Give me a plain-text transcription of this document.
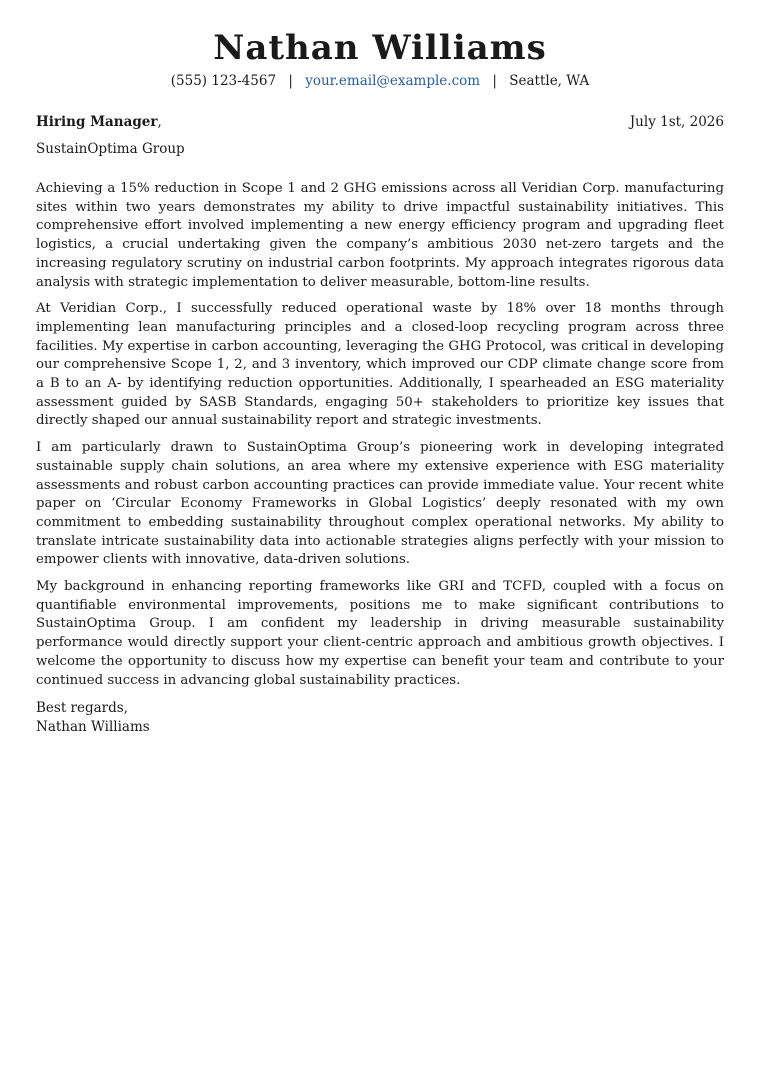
Nathan Williams
(555) 123-4567 | your.email@example.com | Seattle, WA
Hiring Manager,	July 1st, 2026
SustainOptima Group

Achieving a 15% reduction in Scope 1 and 2 GHG emissions across all Veridian Corp. manufacturing sites within two years demonstrates my ability to drive impactful sustainability initiatives. This comprehensive effort involved implementing a new energy efficiency program and upgrading fleet logistics, a crucial undertaking given the company’s ambitious 2030 net-zero targets and the increasing regulatory scrutiny on industrial carbon footprints. My approach integrates rigorous data analysis with strategic implementation to deliver measurable, bottom-line results.

At Veridian Corp., I successfully reduced operational waste by 18% over 18 months through implementing lean manufacturing principles and a closed-loop recycling program across three facilities. My expertise in carbon accounting, leveraging the GHG Protocol, was critical in developing our comprehensive Scope 1, 2, and 3 inventory, which improved our CDP climate change score from a B to an A- by identifying reduction opportunities. Additionally, I spearheaded an ESG materiality assessment guided by SASB Standards, engaging 50+ stakeholders to prioritize key issues that directly shaped our annual sustainability report and strategic investments.

I am particularly drawn to SustainOptima Group’s pioneering work in developing integrated sustainable supply chain solutions, an area where my extensive experience with ESG materiality assessments and robust carbon accounting practices can provide immediate value. Your recent white paper on ‘Circular Economy Frameworks in Global Logistics’ deeply resonated with my own commitment to embedding sustainability throughout complex operational networks. My ability to translate intricate sustainability data into actionable strategies aligns perfectly with your mission to empower clients with innovative, data-driven solutions.

My background in enhancing reporting frameworks like GRI and TCFD, coupled with a focus on quantifiable environmental improvements, positions me to make significant contributions to SustainOptima Group. I am confident my leadership in driving measurable sustainability performance would directly support your client-centric approach and ambitious growth objectives. I welcome the opportunity to discuss how my expertise can benefit your team and contribute to your continued success in advancing global sustainability practices.

Best regards,
Nathan Williams
